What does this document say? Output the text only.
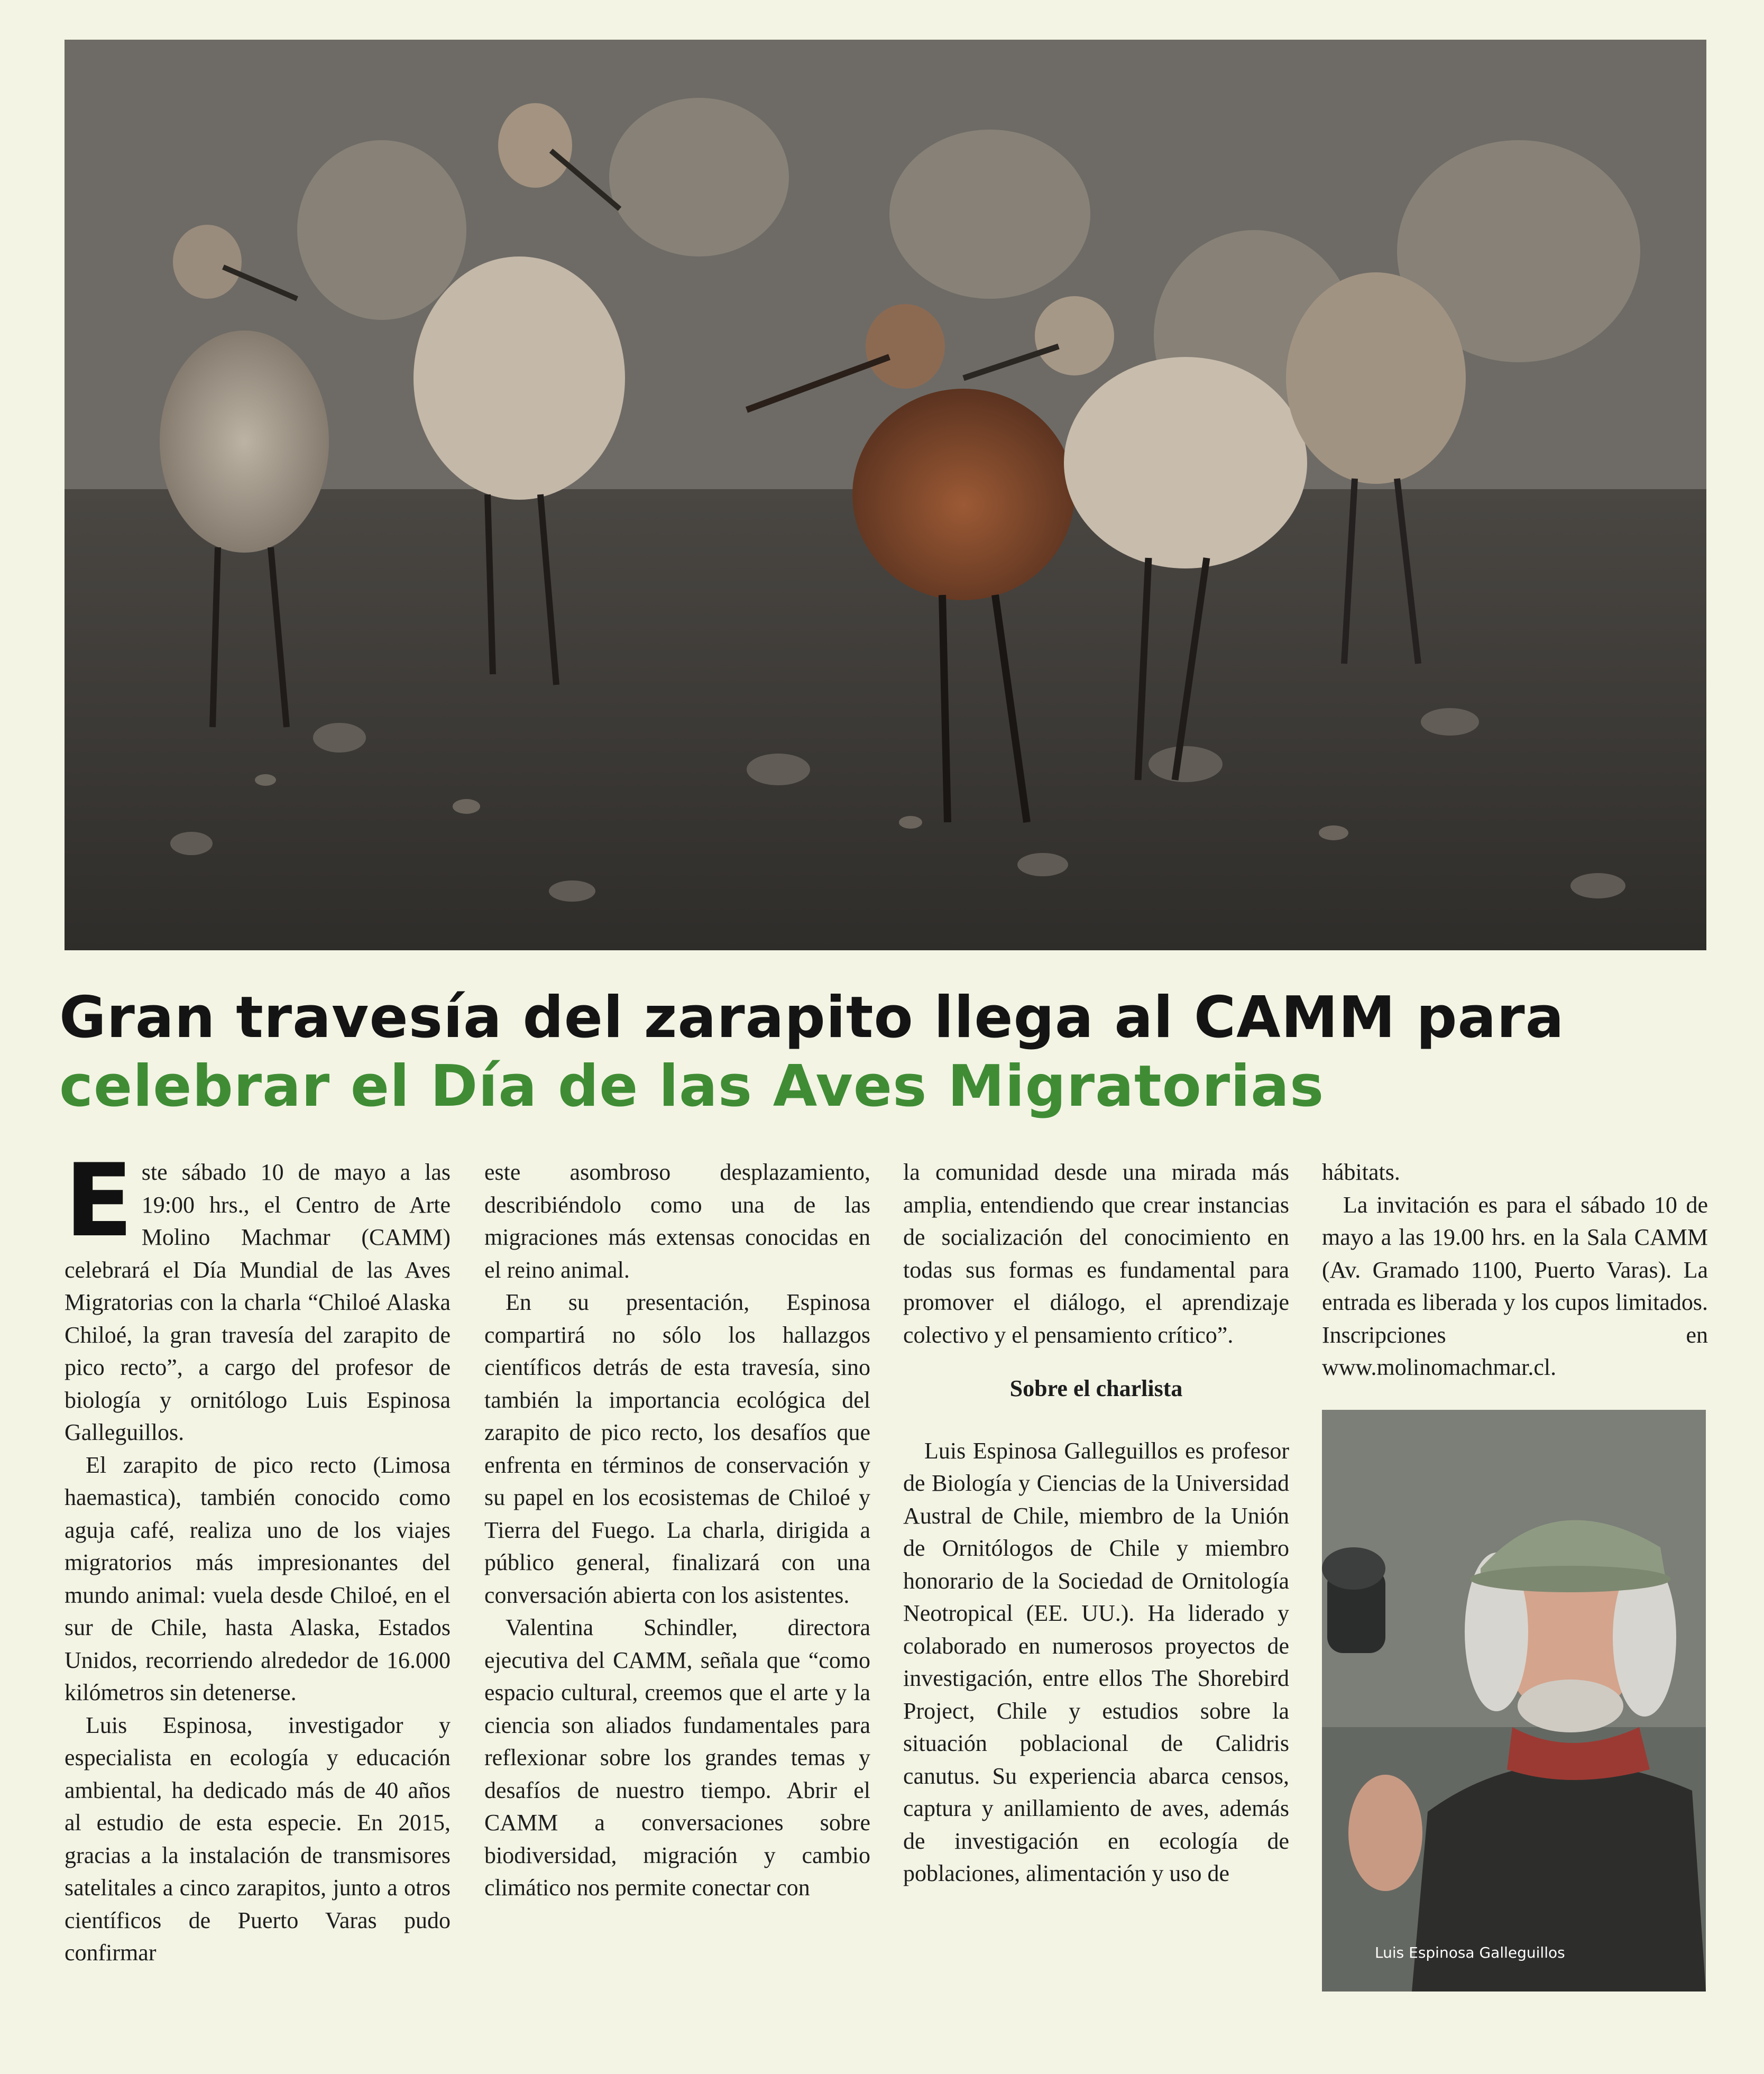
Gran travesía del zarapito llega al CAMM para
celebrar el Día de las Aves Migratorias

Este sábado 10 de mayo a las 19:00 hrs., el Centro de Arte Molino Machmar (CAMM) celebrará el Día Mundial de las Aves Migratorias con la charla “Chiloé Alaska Chiloé, la gran travesía del zarapito de pico recto”, a cargo del profesor de biología y ornitólogo Luis Espinosa Galleguillos.

El zarapito de pico recto (Limosa haemastica), también conocido como aguja café, realiza uno de los viajes migratorios más impresionantes del mundo animal: vuela desde Chiloé, en el sur de Chile, hasta Alaska, Estados Unidos, recorriendo alrededor de 16.000 kilómetros sin detenerse.

Luis Espinosa, investigador y especialista en ecología y educación ambiental, ha dedicado más de 40 años al estudio de esta especie. En 2015, gracias a la instalación de transmisores satelitales a cinco zarapitos, junto a otros científicos de Puerto Varas pudo confirmar

este asombroso desplazamiento, describiéndolo como una de las migraciones más extensas conocidas en el reino animal.

En su presentación, Espinosa compartirá no sólo los hallazgos científicos detrás de esta travesía, sino también la importancia ecológica del zarapito de pico recto, los desafíos que enfrenta en términos de conservación y su papel en los ecosistemas de Chiloé y Tierra del Fuego. La charla, dirigida a público general, finalizará con una conversación abierta con los asistentes.

Valentina Schindler, directora ejecutiva del CAMM, señala que “como espacio cultural, creemos que el arte y la ciencia son aliados fundamentales para reflexionar sobre los grandes temas y desafíos de nuestro tiempo. Abrir el CAMM a conversaciones sobre biodiversidad, migración y cambio climático nos permite conectar con

la comunidad desde una mirada más amplia, entendiendo que crear instancias de socialización del conocimiento en todas sus formas es fundamental para promover el diálogo, el aprendizaje colectivo y el pensamiento crítico”.

Sobre el charlista

Luis Espinosa Galleguillos es profesor de Biología y Ciencias de la Universidad Austral de Chile, miembro de la Unión de Ornitólogos de Chile y miembro honorario de la Sociedad de Ornitología Neotropical (EE. UU.). Ha liderado y colaborado en numerosos proyectos de investigación, entre ellos The Shorebird Project, Chile y estudios sobre la situación poblacional de Calidris canutus. Su experiencia abarca censos, captura y anillamiento de aves, además de investigación en ecología de poblaciones, alimentación y uso de

hábitats.

La invitación es para el sábado 10 de mayo a las 19.00 hrs. en la Sala CAMM (Av. Gramado 1100, Puerto Varas). La entrada es liberada y los cupos limitados. Inscripciones en www.molinomachmar.cl.

Luis Espinosa Galleguillos
